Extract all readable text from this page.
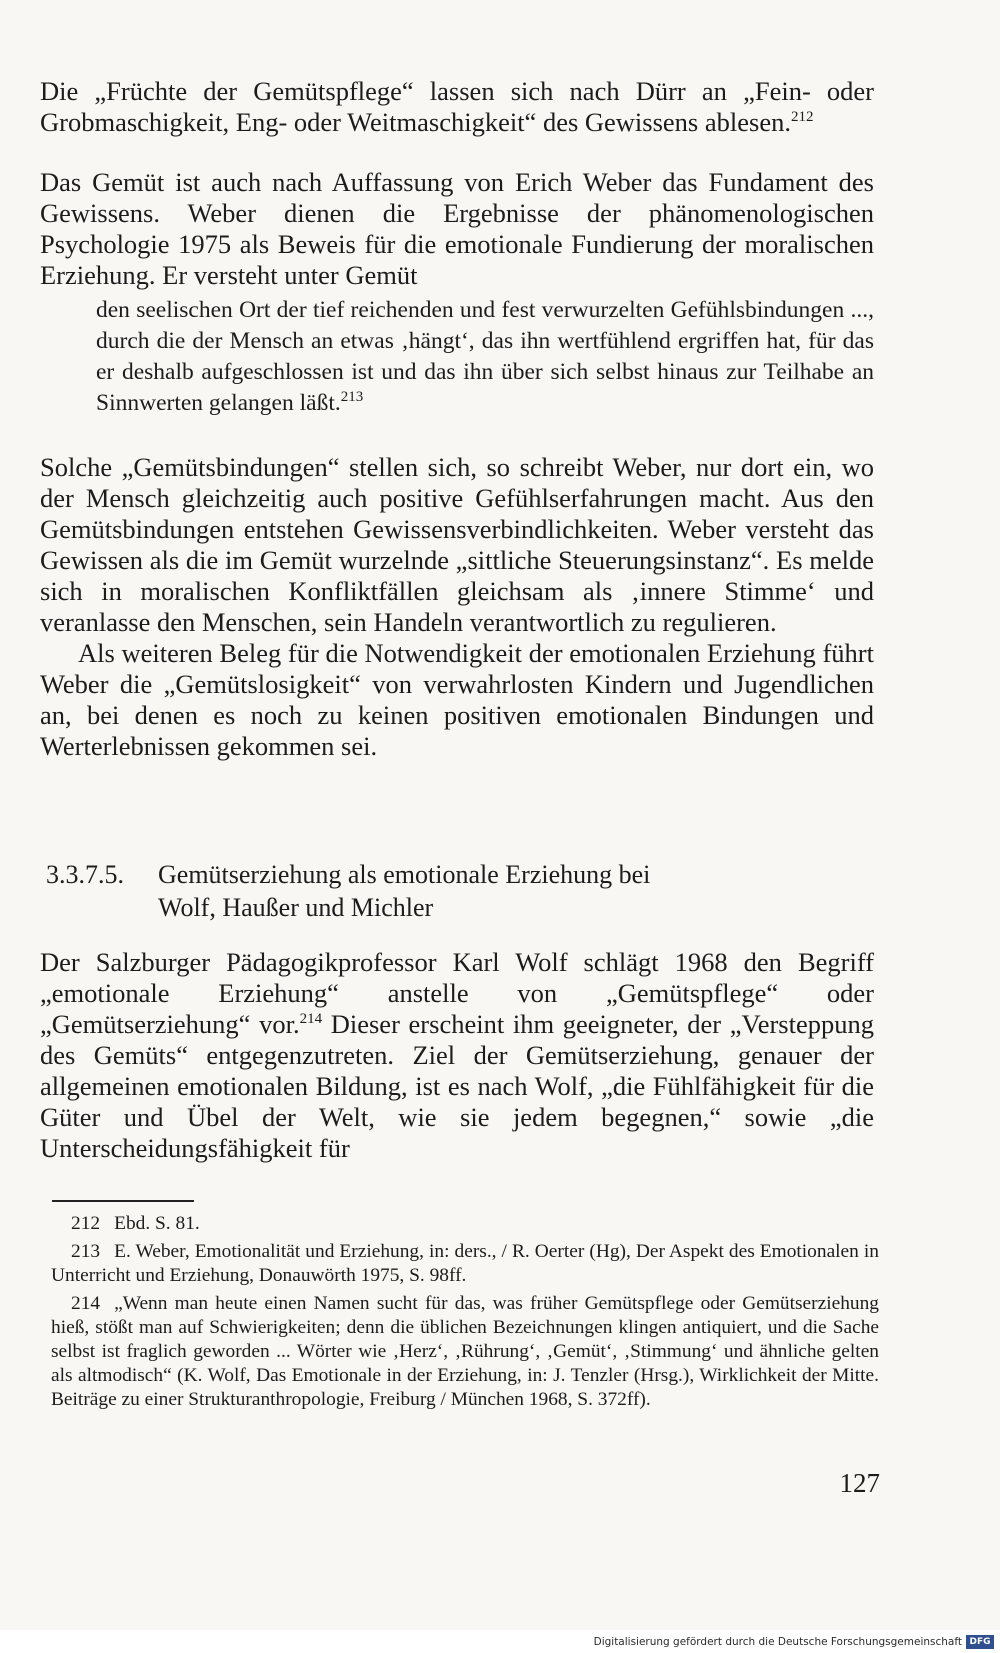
Die „Früchte der Gemütspflege“ lassen sich nach Dürr an „Fein- oder Grobmaschigkeit, Eng- oder Weitmaschigkeit“ des Gewissens ablesen.$^{212}$

Das Gemüt ist auch nach Auffassung von Erich Weber das Fundament des Gewissens. Weber dienen die Ergebnisse der phänomenologischen Psychologie 1975 als Beweis für die emotionale Fundierung der moralischen Erziehung. Er versteht unter Gemüt

den seelischen Ort der tief reichenden und fest verwurzelten Gefühlsbindungen ..., durch die der Mensch an etwas ‚hängt‘, das ihn wertfühlend ergriffen hat, für das er deshalb aufgeschlossen ist und das ihn über sich selbst hinaus zur Teilhabe an Sinnwerten gelangen läßt.$^{213}$

Solche „Gemütsbindungen“ stellen sich, so schreibt Weber, nur dort ein, wo der Mensch gleichzeitig auch positive Gefühlserfahrungen macht. Aus den Gemütsbindungen entstehen Gewissensverbindlichkeiten. Weber versteht das Gewissen als die im Gemüt wurzelnde „sittliche Steuerungsinstanz“. Es melde sich in moralischen Konfliktfällen gleichsam als ‚innere Stimme‘ und veranlasse den Menschen, sein Handeln verantwortlich zu regulieren.

Als weiteren Beleg für die Notwendigkeit der emotionalen Erziehung führt Weber die „Gemütslosigkeit“ von verwahrlosten Kindern und Jugendlichen an, bei denen es noch zu keinen positiven emotionalen Bindungen und Werterlebnissen gekommen sei.

3.3.7.5.	Gemütserziehung als emotionale Erziehung bei
Wolf, Haußer und Michler

Der Salzburger Pädagogikprofessor Karl Wolf schlägt 1968 den Begriff „emotionale Erziehung“ anstelle von „Gemütspflege“ oder „Gemütserziehung“ vor.$^{214}$ Dieser erscheint ihm geeigneter, der „Versteppung des Gemüts“ entgegenzutreten. Ziel der Gemütserziehung, genauer der allgemeinen emotionalen Bildung, ist es nach Wolf, „die Fühlfähigkeit für die Güter und Übel der Welt, wie sie jedem begegnen,“ sowie „die Unterscheidungsfähigkeit für

212 Ebd. S. 81.

213 E. Weber, Emotionalität und Erziehung, in: ders., / R. Oerter (Hg), Der Aspekt des Emotionalen in Unterricht und Erziehung, Donauwörth 1975, S. 98ff.

214 „Wenn man heute einen Namen sucht für das, was früher Gemütspflege oder Gemütserziehung hieß, stößt man auf Schwierigkeiten; denn die üblichen Bezeichnungen klingen antiquiert, und die Sache selbst ist fraglich geworden ... Wörter wie ‚Herz‘, ‚Rührung‘, ‚Gemüt‘, ‚Stimmung‘ und ähnliche gelten als altmodisch“ (K. Wolf, Das Emotionale in der Erziehung, in: J. Tenzler (Hrsg.), Wirklichkeit der Mitte. Beiträge zu einer Strukturanthropologie, Freiburg / München 1968, S. 372ff).

127
Digitalisierung gefördert durch die Deutsche Forschungsgemeinschaft DFG
